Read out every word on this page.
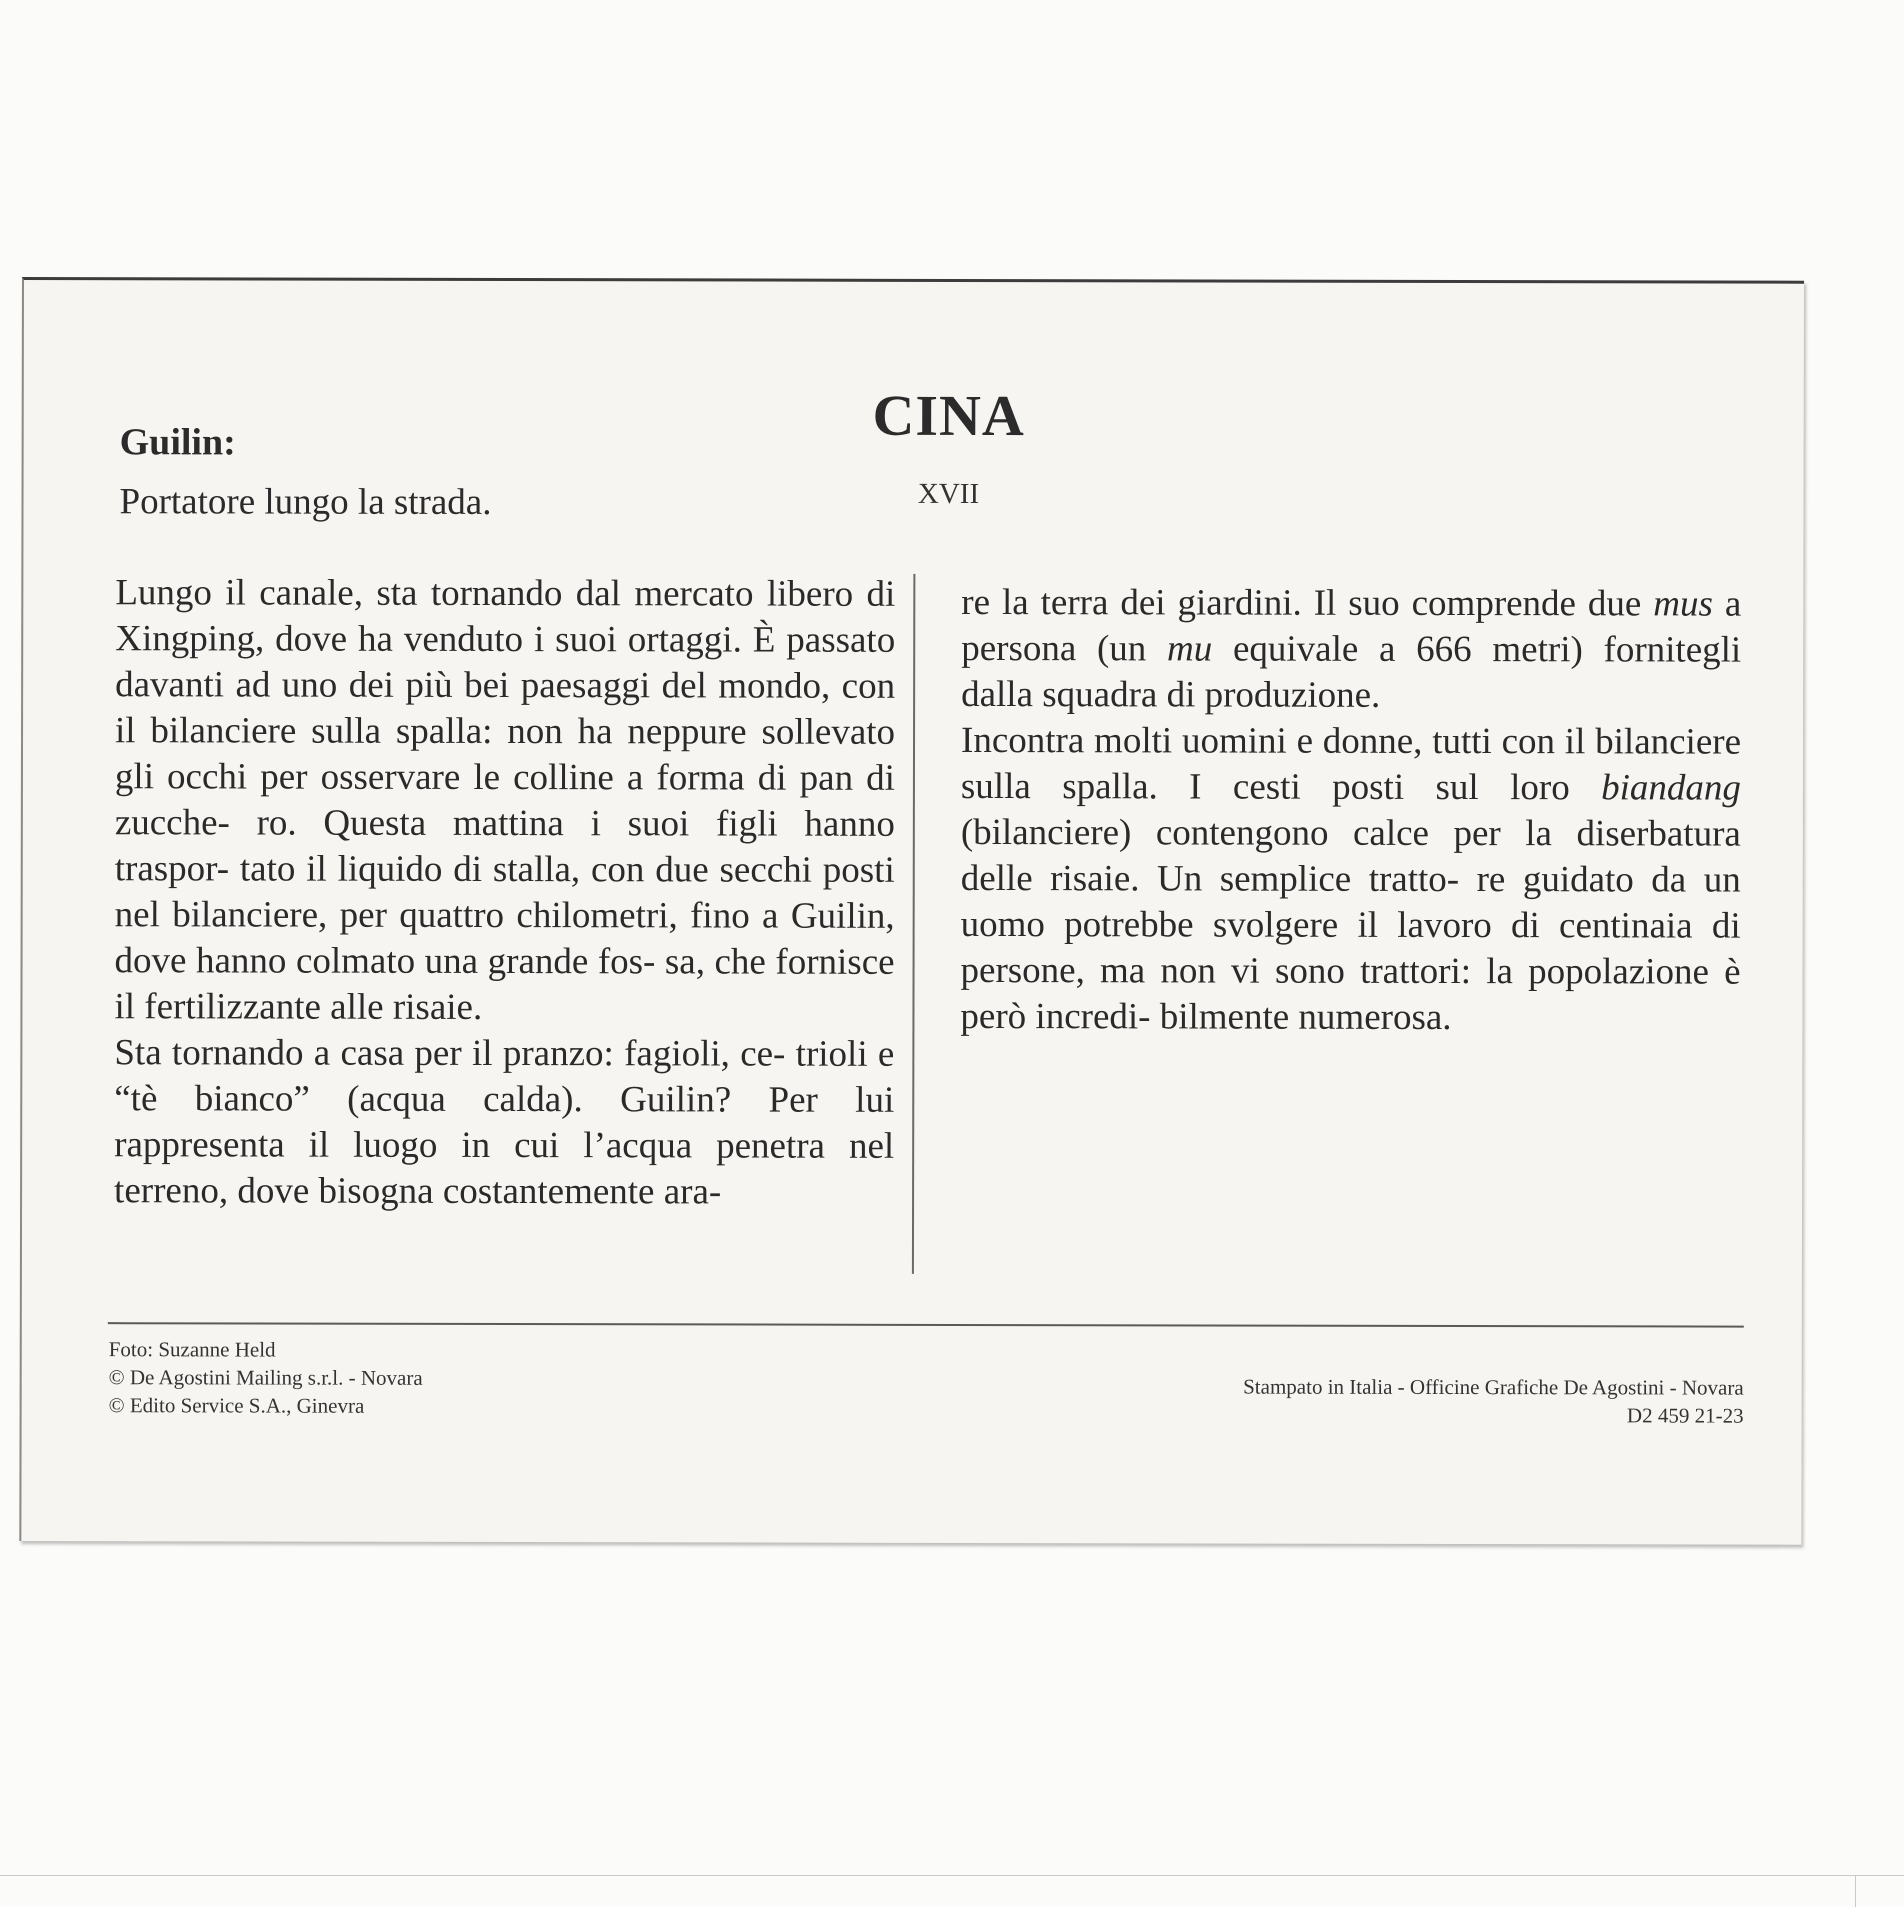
Guilin:
Portatore lungo la strada.
CINA
XVII

Lungo il canale, sta tornando dal mercato libero di Xingping, dove ha venduto i suoi ortaggi. È passato davanti ad uno dei più bei paesaggi del mondo, con il bilanciere sulla spalla: non ha neppure sollevato gli occhi per osservare le colline a forma di pan di zucche- ro. Questa mattina i suoi figli hanno traspor- tato il liquido di stalla, con due secchi posti nel bilanciere, per quattro chilometri, fino a Guilin, dove hanno colmato una grande fos- sa, che fornisce il fertilizzante alle risaie.

Sta tornando a casa per il pranzo: fagioli, ce- trioli e “tè bianco” (acqua calda). Guilin? Per lui rappresenta il luogo in cui l’acqua penetra nel terreno, dove bisogna costantemente ara-

re la terra dei giardini. Il suo comprende due mus a persona (un mu equivale a 666 metri) fornitegli dalla squadra di produzione.

Incontra molti uomini e donne, tutti con il bilanciere sulla spalla. I cesti posti sul loro biandang (bilanciere) contengono calce per la diserbatura delle risaie. Un semplice tratto- re guidato da un uomo potrebbe svolgere il lavoro di centinaia di persone, ma non vi sono trattori: la popolazione è però incredi- bilmente numerosa.

Foto: Suzanne Held
© De Agostini Mailing s.r.l. - Novara
© Edito Service S.A., Ginevra
Stampato in Italia - Officine Grafiche De Agostini - Novara
D2 459 21-23
